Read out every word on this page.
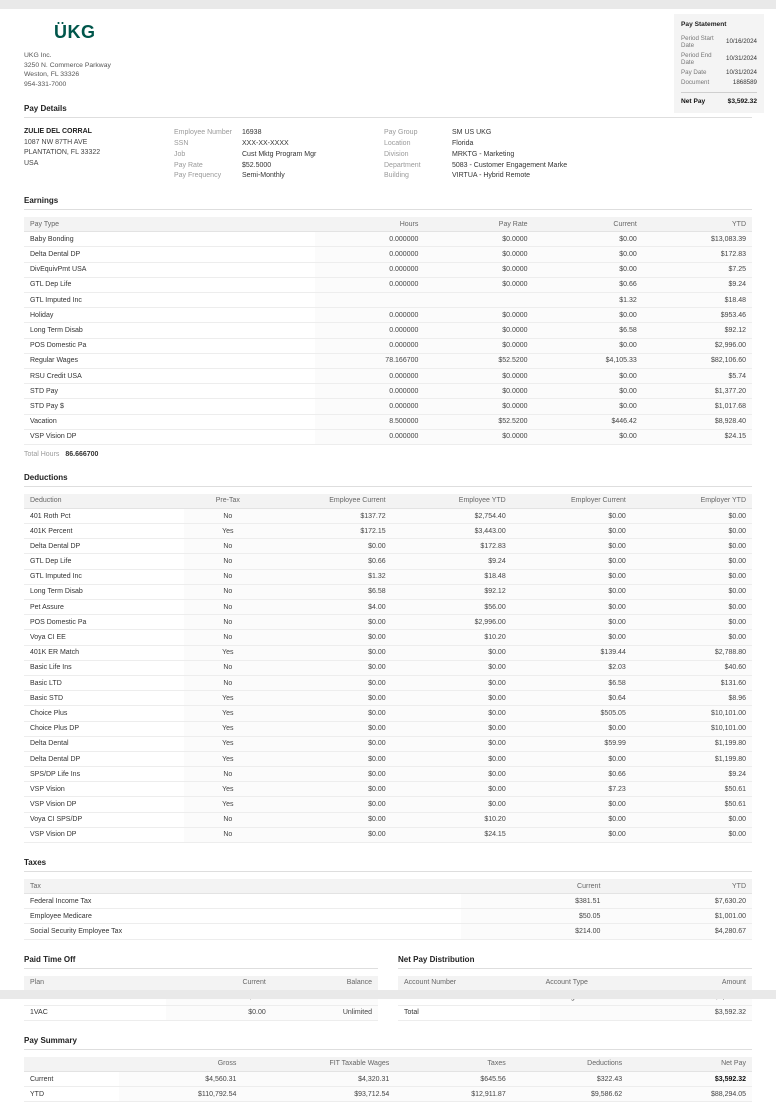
ÜKG
UKG Inc.
3250 N. Commerce Parkway
Weston, FL 33326
954-331-7000
Pay Statement
Period Start Date	10/16/2024
Period End Date	10/31/2024
Pay Date	10/31/2024
Document	1868589
Net Pay	$3,592.32
Pay Details
ZULIE DEL CORRAL
1087 NW 87TH AVE
PLANTATION, FL 33322
USA
Employee Number	16938
SSN	XXX-XX-XXXX
Job	Cust Mktg Program Mgr
Pay Rate	$52.5000
Pay Frequency	Semi-Monthly
Pay Group	SM US UKG
Location	Florida
Division	MRKTG - Marketing
Department	5083 - Customer Engagement Marke
Building	VIRTUA - Hybrid Remote
Earnings
Pay Type	Hours	Pay Rate	Current	YTD
Baby Bonding	0.000000	$0.0000	$0.00	$13,083.39
Delta Dental DP	0.000000	$0.0000	$0.00	$172.83
DivEquivPmt USA	0.000000	$0.0000	$0.00	$7.25
GTL Dep Life	0.000000	$0.0000	$0.66	$9.24
GTL Imputed Inc			$1.32	$18.48
Holiday	0.000000	$0.0000	$0.00	$953.46
Long Term Disab	0.000000	$0.0000	$6.58	$92.12
POS Domestic Pa	0.000000	$0.0000	$0.00	$2,996.00
Regular Wages	78.166700	$52.5200	$4,105.33	$82,106.60
RSU Credit USA	0.000000	$0.0000	$0.00	$5.74
STD Pay	0.000000	$0.0000	$0.00	$1,377.20
STD Pay $	0.000000	$0.0000	$0.00	$1,017.68
Vacation	8.500000	$52.5200	$446.42	$8,928.40
VSP Vision DP	0.000000	$0.0000	$0.00	$24.15
Total Hours 86.666700
Deductions
Deduction	Pre-Tax	Employee Current	Employee YTD	Employer Current	Employer YTD
401 Roth Pct	No	$137.72	$2,754.40	$0.00	$0.00
401K Percent	Yes	$172.15	$3,443.00	$0.00	$0.00
Delta Dental DP	No	$0.00	$172.83	$0.00	$0.00
GTL Dep Life	No	$0.66	$9.24	$0.00	$0.00
GTL Imputed Inc	No	$1.32	$18.48	$0.00	$0.00
Long Term Disab	No	$6.58	$92.12	$0.00	$0.00
Pet Assure	No	$4.00	$56.00	$0.00	$0.00
POS Domestic Pa	No	$0.00	$2,996.00	$0.00	$0.00
Voya CI EE	No	$0.00	$10.20	$0.00	$0.00
401K ER Match	Yes	$0.00	$0.00	$139.44	$2,788.80
Basic Life Ins	No	$0.00	$0.00	$2.03	$40.60
Basic LTD	No	$0.00	$0.00	$6.58	$131.60
Basic STD	Yes	$0.00	$0.00	$0.64	$8.96
Choice Plus	Yes	$0.00	$0.00	$505.05	$10,101.00
Choice Plus DP	Yes	$0.00	$0.00	$0.00	$10,101.00
Delta Dental	Yes	$0.00	$0.00	$59.99	$1,199.80
Delta Dental DP	Yes	$0.00	$0.00	$0.00	$1,199.80
SPS/DP Life Ins	No	$0.00	$0.00	$0.66	$9.24
VSP Vision	Yes	$0.00	$0.00	$7.23	$50.61
VSP Vision DP	Yes	$0.00	$0.00	$0.00	$50.61
Voya CI SPS/DP	No	$0.00	$10.20	$0.00	$0.00
VSP Vision DP	No	$0.00	$24.15	$0.00	$0.00
Taxes
Tax	Current	YTD
Federal Income Tax	$381.51	$7,630.20
Employee Medicare	$50.05	$1,001.00
Social Security Employee Tax	$214.00	$4,280.67
Paid Time Off
Plan	Current	Balance

1VAC	$0.00	Unlimited
Net Pay Distribution
Account Number	Account Type	Amount

Total		$3,592.32
Pay Summary
	Gross	FIT Taxable Wages	Taxes	Deductions	Net Pay
Current	$4,560.31	$4,320.31	$645.56	$322.43	$3,592.32
YTD	$110,792.54	$93,712.54	$12,911.87	$9,586.62	$88,294.05
